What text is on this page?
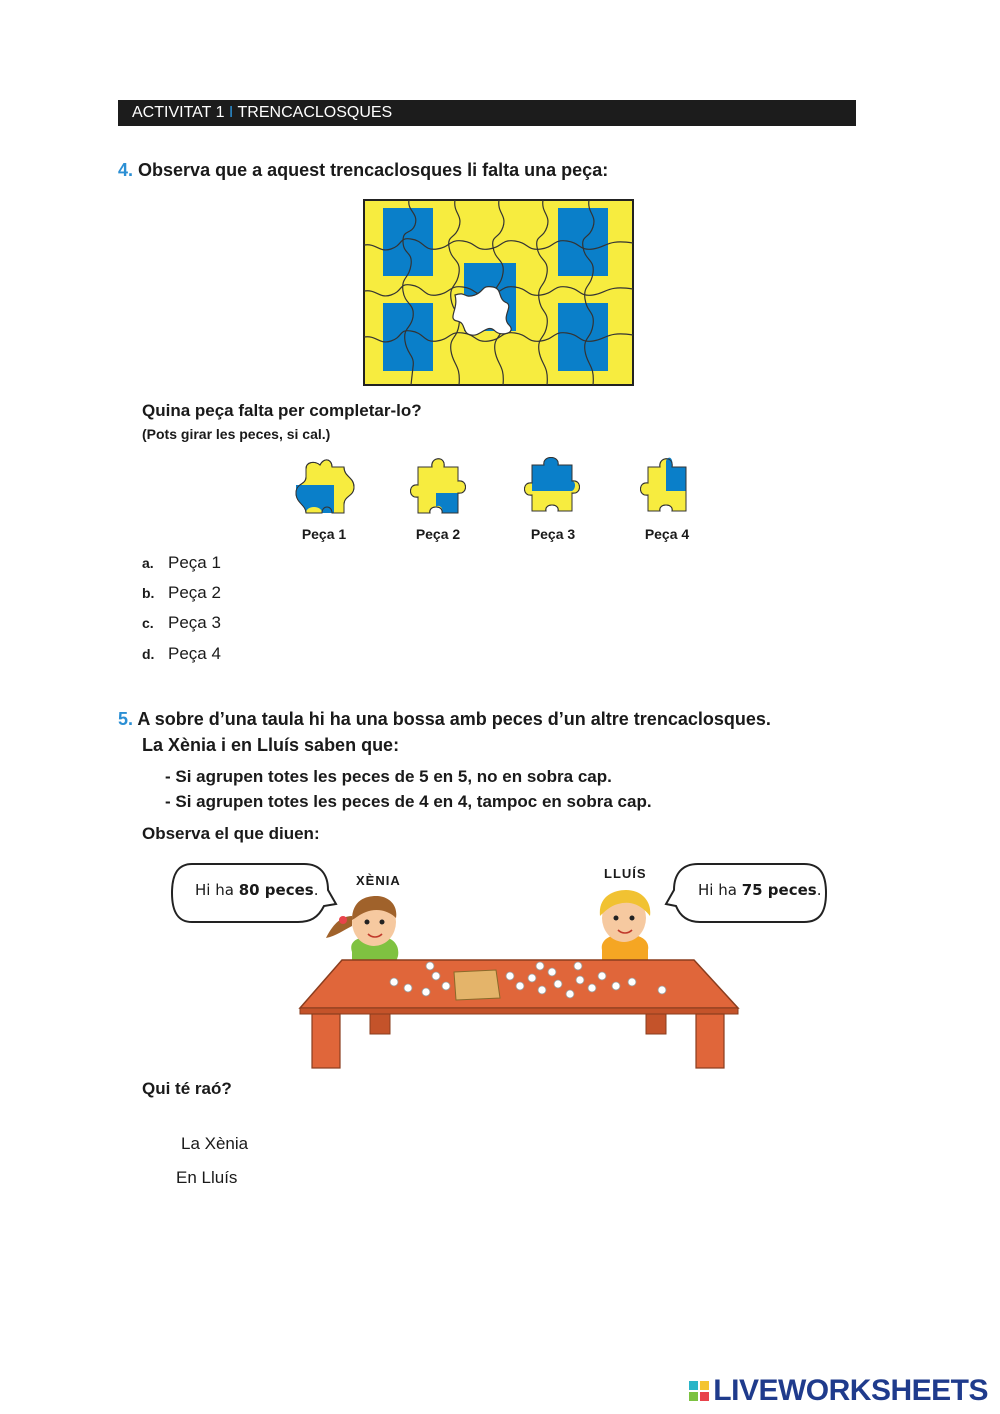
ACTIVITAT 1 I TRENCACLOSQUES
4. Observa que a aquest trencaclosques li falta una peça:
Quina peça falta per completar-lo?
(Pots girar les peces, si cal.)
Peça 1	Peça 2	Peça 3	Peça 4
a. Peça 1
b. Peça 2
c. Peça 3
d. Peça 4
5. A sobre d’una taula hi ha una bossa amb peces d’un altre trencaclosques.
La Xènia i en Lluís saben que:
- Si agrupen totes les peces de 5 en 5, no en sobra cap.
- Si agrupen totes les peces de 4 en 4, tampoc en sobra cap.
Observa el que diuen:
Hi ha 80 peces.
XÈNIA
Hi ha 75 peces.
LLUÍS
Qui té raó?
La Xènia
En Lluís
LIVEWORKSHEETS
